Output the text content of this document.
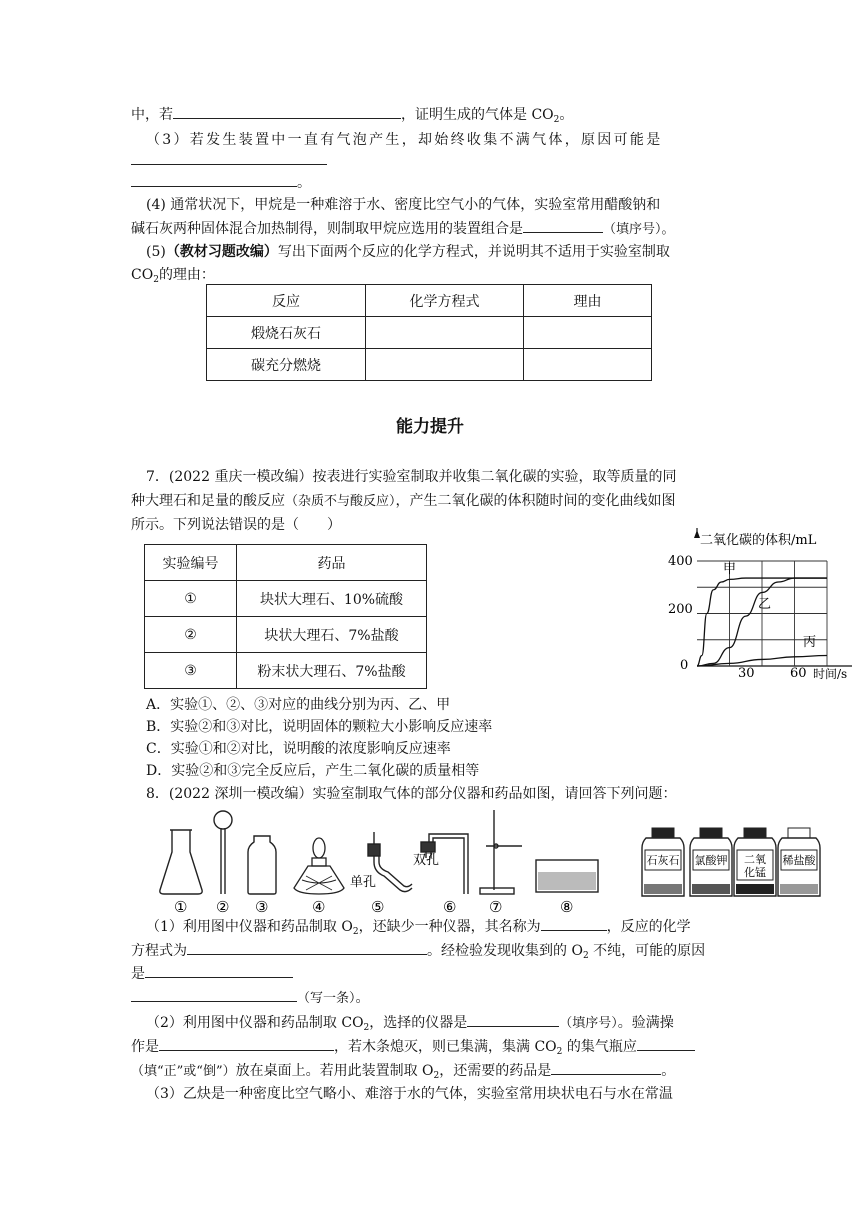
中，若	，证明生成的气体是 $CO_2$。
（3）若发生装置中一直有气泡产生，却始终收集不满气体，原因可能是
。
(4) 通常状况下，甲烷是一种难溶于水、密度比空气小的气体，实验室常用醋酸钠和
碱石灰两种固体混合加热制得，则制取甲烷应选用的装置组合是	（填序号）。
(5)（教材习题改编）写出下面两个反应的化学方程式，并说明其不适用于实验室制取
$CO_2$的理由：
反应	化学方程式	理由
煅烧石灰石		
碳充分燃烧		
能力提升
7．(2022 重庆一模改编）按表进行实验室制取并收集二氧化碳的实验，取等质量的同
种大理石和足量的酸反应（杂质不与酸反应），产生二氧化碳的体积随时间的变化曲线如图
所示。下列说法错误的是（　　）
实验编号	药品
①	块状大理石、10%硫酸
②	块状大理石、7%盐酸
③	粉末状大理石、7%盐酸
二氧化碳的体积/mL
时间/s
400
200
0
30	60
甲
乙
丙
A．实验①、②、③对应的曲线分别为丙、乙、甲
B．实验②和③对比，说明固体的颗粒大小影响反应速率
C．实验①和②对比，说明酸的浓度影响反应速率
D．实验②和③完全反应后，产生二氧化碳的质量相等
8．(2022 深圳一模改编）实验室制取气体的部分仪器和药品如图，请回答下列问题：
单孔
双孔	石灰石 氯酸钾 二氧
化锰
稀盐酸
① ② ③	④	⑤	⑥ ⑦	⑧
（1）利用图中仪器和药品制取 $O_2$，还缺少一种仪器，其名称为	，反应的化学
方程式为	。经检验发现收集到的 $O_2$ 不纯，可能的原因
是
（写一条）。
（2）利用图中仪器和药品制取 $CO_2$，选择的仪器是	（填序号）。验满操
作是	，若木条熄灭，则已集满，集满 $CO_2$ 的集气瓶应
（填“正”或“倒”）放在桌面上。若用此装置制取 $O_2$，还需要的药品是	。
（3）乙炔是一种密度比空气略小、难溶于水的气体，实验室常用块状电石与水在常温
